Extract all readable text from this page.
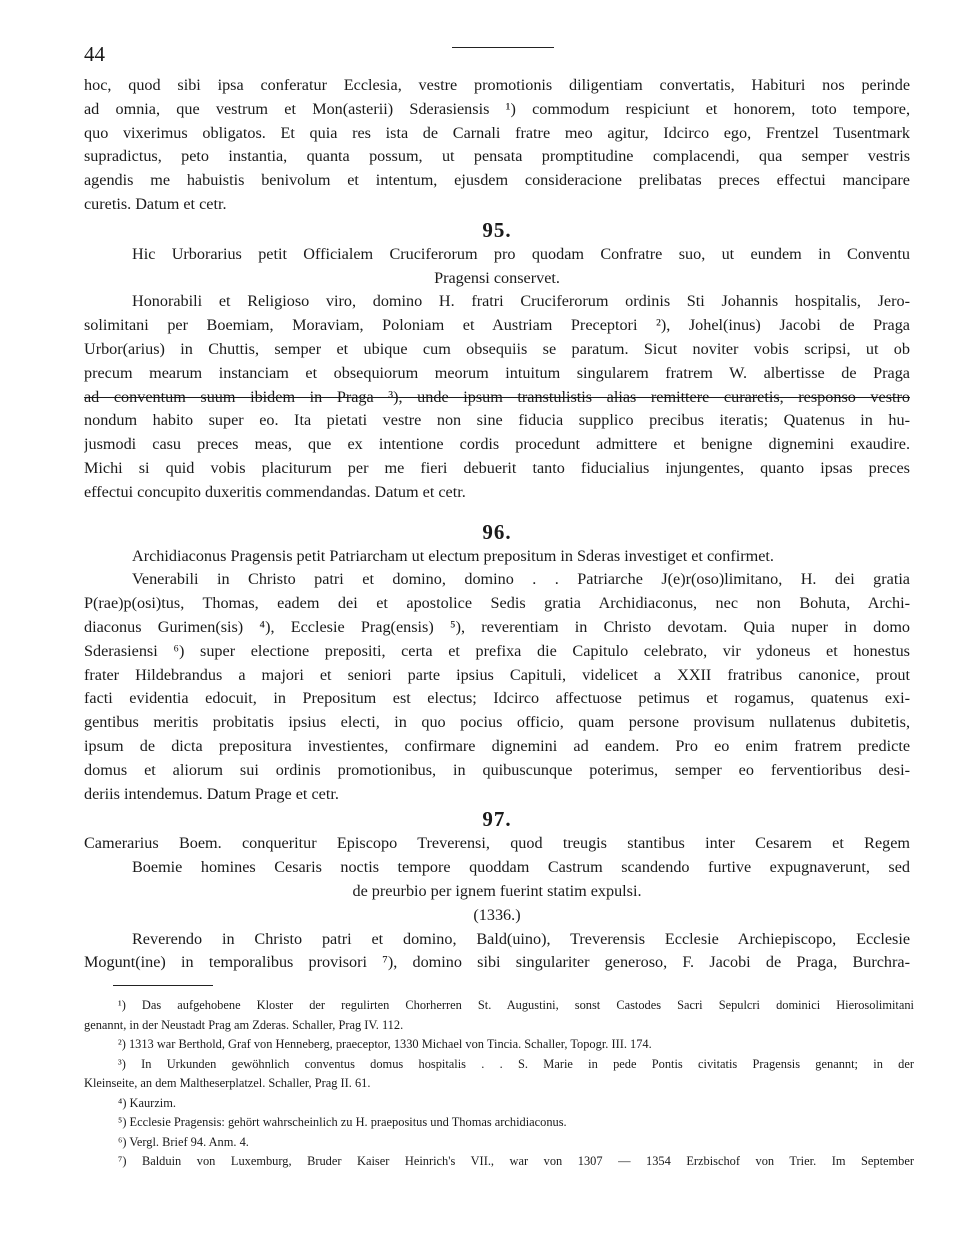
44
hoc, quod sibi ipsa conferatur Ecclesia, vestre promotionis diligentiam convertatis, Habituri nos perinde
ad omnia, que vestrum et Mon(asterii) Sderasiensis ¹) commodum respiciunt et honorem, toto tempore,
quo vixerimus obligatos. Et quia res ista de Carnali fratre meo agitur, Idcirco ego, Frentzel Tusentmark
supradictus, peto instantia, quanta possum, ut pensata promptitudine complacendi, qua semper vestris
agendis me habuistis benivolum et intentum, ejusdem consideracione prelibatas preces effectui mancipare
curetis. Datum et cetr.
95.
Hic Urborarius petit Officialem Cruciferorum pro quodam Confratre suo, ut eundem in Conventu
Pragensi conservet.
Honorabili et Religioso viro, domino H. fratri Cruciferorum ordinis Sti Johannis hospitalis, Jero-
solimitani per Boemiam, Moraviam, Poloniam et Austriam Preceptori ²), Johel(inus) Jacobi de Praga
Urbor(arius) in Chuttis, semper et ubique cum obsequiis se paratum. Sicut noviter vobis scripsi, ut ob
precum mearum instanciam et obsequiorum meorum intuitum singularem fratrem W. albertisse de Praga
ad conventum suum ibidem in Praga ³), unde ipsum transtulistis alias remittere curaretis, responso vestro
nondum habito super eo. Ita pietati vestre non sine fiducia supplico precibus iteratis; Quatenus in hu-
jusmodi casu preces meas, que ex intentione cordis procedunt admittere et benigne dignemini exaudire.
Michi si quid vobis placiturum per me fieri debuerit tanto fiducialius injungentes, quanto ipsas preces
effectui concupito duxeritis commendandas. Datum et cetr.
96.
Archidiaconus Pragensis petit Patriarcham ut electum prepositum in Sderas investiget et confirmet.
Venerabili in Christo patri et domino, domino . . Patriarche J(e)r(oso)limitano, H. dei gratia
P(rae)p(osi)tus, Thomas, eadem dei et apostolice Sedis gratia Archidiaconus, nec non Bohuta, Archi-
diaconus Gurimen(sis) ⁴), Ecclesie Prag(ensis) ⁵), reverentiam in Christo devotam. Quia nuper in domo
Sderasiensi ⁶) super electione prepositi, certa et prefixa die Capitulo celebrato, vir ydoneus et honestus
frater Hildebrandus a majori et seniori parte ipsius Capituli, videlicet a XXII fratribus canonice, prout
facti evidentia edocuit, in Prepositum est electus; Idcirco affectuose petimus et rogamus, quatenus exi-
gentibus meritis probitatis ipsius electi, in quo pocius officio, quam persone provisum nullatenus dubitetis,
ipsum de dicta prepositura investientes, confirmare dignemini ad eandem. Pro eo enim fratrem predicte
domus et aliorum sui ordinis promotionibus, in quibuscunque poterimus, semper eo ferventioribus desi-
deriis intendemus. Datum Prage et cetr.
97.
Camerarius Boem. conqueritur Episcopo Treverensi, quod treugis stantibus inter Cesarem et Regem
Boemie homines Cesaris noctis tempore quoddam Castrum scandendo furtive expugnaverunt, sed
de preurbio per ignem fuerint statim expulsi.
(1336.)
Reverendo in Christo patri et domino, Bald(uino), Treverensis Ecclesie Archiepiscopo, Ecclesie
Mogunt(ine) in temporalibus provisori ⁷), domino sibi singulariter generoso, F. Jacobi de Praga, Burchra-
¹) Das aufgehobene Kloster der regulirten Chorherren St. Augustini, sonst Castodes Sacri Sepulcri dominici Hierosolimitani
genannt, in der Neustadt Prag am Zderas. Schaller, Prag IV. 112.
²) 1313 war Berthold, Graf von Henneberg, praeceptor, 1330 Michael von Tincia. Schaller, Topogr. III. 174.
³) In Urkunden gewöhnlich conventus domus hospitalis . . S. Marie in pede Pontis civitatis Pragensis genannt; in der
Kleinseite, an dem Maltheserplatzel. Schaller, Prag II. 61.
⁴) Kaurzim.
⁵) Ecclesie Pragensis: gehört wahrscheinlich zu H. praepositus und Thomas archidiaconus.
⁶) Vergl. Brief 94. Anm. 4.
⁷) Balduin von Luxemburg, Bruder Kaiser Heinrich's VII., war von 1307 — 1354 Erzbischof von Trier. Im September
